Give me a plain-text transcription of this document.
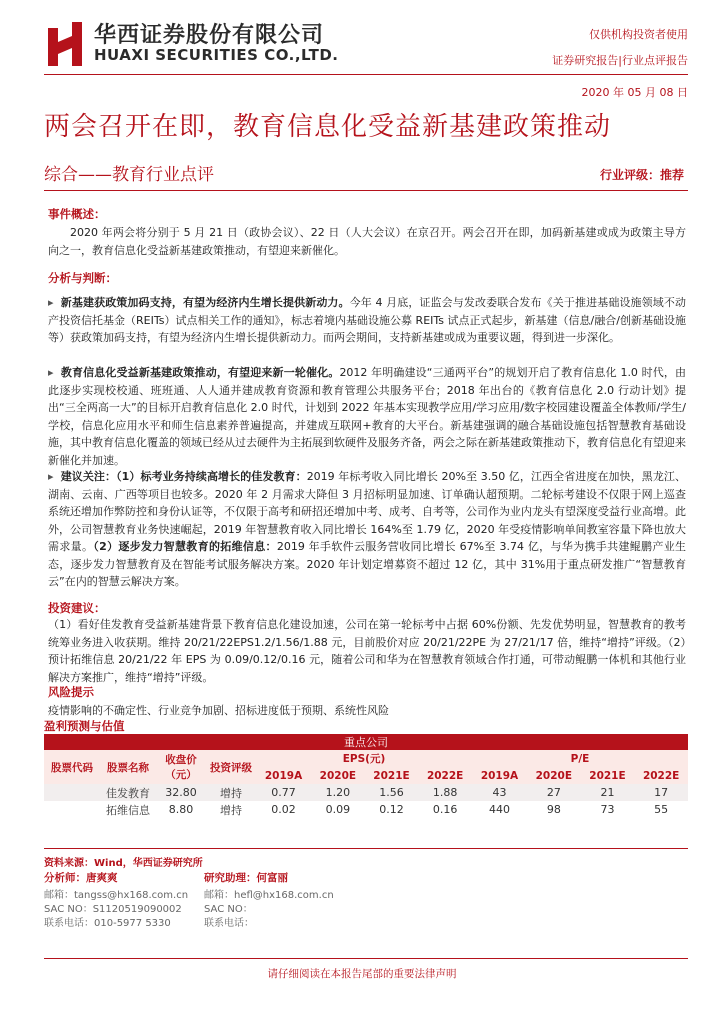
华西证券股份有限公司
HUAXI SECURITIES CO.,LTD.
仅供机构投资者使用
证券研究报告|行业点评报告
2020 年 05 月 08 日
两会召开在即，教育信息化受益新基建政策推动
综合——教育行业点评	行业评级：推荐
事件概述：
2020 年两会将分别于 5 月 21 日（政协会议）、22 日（人大会议）在京召开。两会召开在即，加码新基建或成为政策主导方向之一，教育信息化受益新基建政策推动，有望迎来新催化。
分析与判断：
▸  新基建获政策加码支持，有望为经济内生增长提供新动力。今年 4 月底，证监会与发改委联合发布《关于推进基础设施领域不动产投资信托基金（REITs）试点相关工作的通知》，标志着境内基础设施公募 REITs 试点正式起步，新基建（信息/融合/创新基础设施等）获政策加码支持，有望为经济内生增长提供新动力。而两会期间，支持新基建或成为重要议题，得到进一步深化。
▸  教育信息化受益新基建政策推动，有望迎来新一轮催化。2012 年明确建设“三通两平台”的规划开启了教育信息化 1.0 时代，由此逐步实现校校通、班班通、人人通并建成教育资源和教育管理公共服务平台；2018 年出台的《教育信息化 2.0 行动计划》提出“三全两高一大”的目标开启教育信息化 2.0 时代，计划到 2022 年基本实现教学应用/学习应用/数字校园建设覆盖全体教师/学生/学校，信息化应用水平和师生信息素养普遍提高，并建成互联网+教育的大平台。新基建强调的融合基础设施包括智慧教育基础设施，其中教育信息化覆盖的领域已经从过去硬件为主拓展到软硬件及服务齐备，两会之际在新基建政策推动下，教育信息化有望迎来新催化并加速。
▸  建议关注：（1）标考业务持续高增长的佳发教育：2019 年标考收入同比增长 20%至 3.50 亿，江西全省进度在加快，黑龙江、湖南、云南、广西等项目也较多。2020 年 2 月需求大降但 3 月招标明显加速、订单确认超预期。二轮标考建设不仅限于网上巡查系统还增加作弊防控和身份认证等，不仅限于高考和研招还增加中考、成考、自考等，公司作为业内龙头有望深度受益行业高增。此外，公司智慧教育业务快速崛起，2019 年智慧教育收入同比增长 164%至 1.79 亿，2020 年受疫情影响单间教室容量下降也放大需求量。（2）逐步发力智慧教育的拓维信息：2019 年手软件云服务营收同比增长 67%至 3.74 亿，与华为携手共建鲲鹏产业生态，逐步发力智慧教育及在智能考试服务解决方案。2020 年计划定增募资不超过 12 亿，其中 31%用于重点研发推广“智慧教育云”在内的智慧云解决方案。
投资建议：
（1）看好佳发教育受益新基建背景下教育信息化建设加速，公司在第一轮标考中占据 60%份额、先发优势明显，智慧教育的教考统筹业务进入收获期。维持 20/21/22EPS1.2/1.56/1.88 元，目前股价对应 20/21/22PE 为 27/21/17 倍，维持“增持”评级。（2）预计拓维信息 20/21/22 年 EPS 为 0.09/0.12/0.16 元，随着公司和华为在智慧教育领域合作打通，可带动鲲鹏一体机和其他行业解决方案推广，维持“增持”评级。
风险提示
疫情影响的不确定性、行业竞争加剧、招标进度低于预期、系统性风险
盈利预测与估值
重点公司											
股票代码	股票名称	收盘价（元）	投资评级	EPS(元)				P/E			
				2019A	2020E	2021E	2022E	2019A	2020E	2021E	2022E
	佳发教育	32.80	增持	0.77	1.20	1.56	1.88	43	27	21	17
	拓维信息	8.80	增持	0.02	0.09	0.12	0.16	440	98	73	55
资料来源：Wind，华西证券研究所
分析师：唐爽爽
邮箱：tangss@hx168.com.cn
SAC NO：S1120519090002
联系电话：010-5977 5330
研究助理：何富丽
邮箱：hefl@hx168.com.cn
SAC NO：
联系电话：
请仔细阅读在本报告尾部的重要法律声明
